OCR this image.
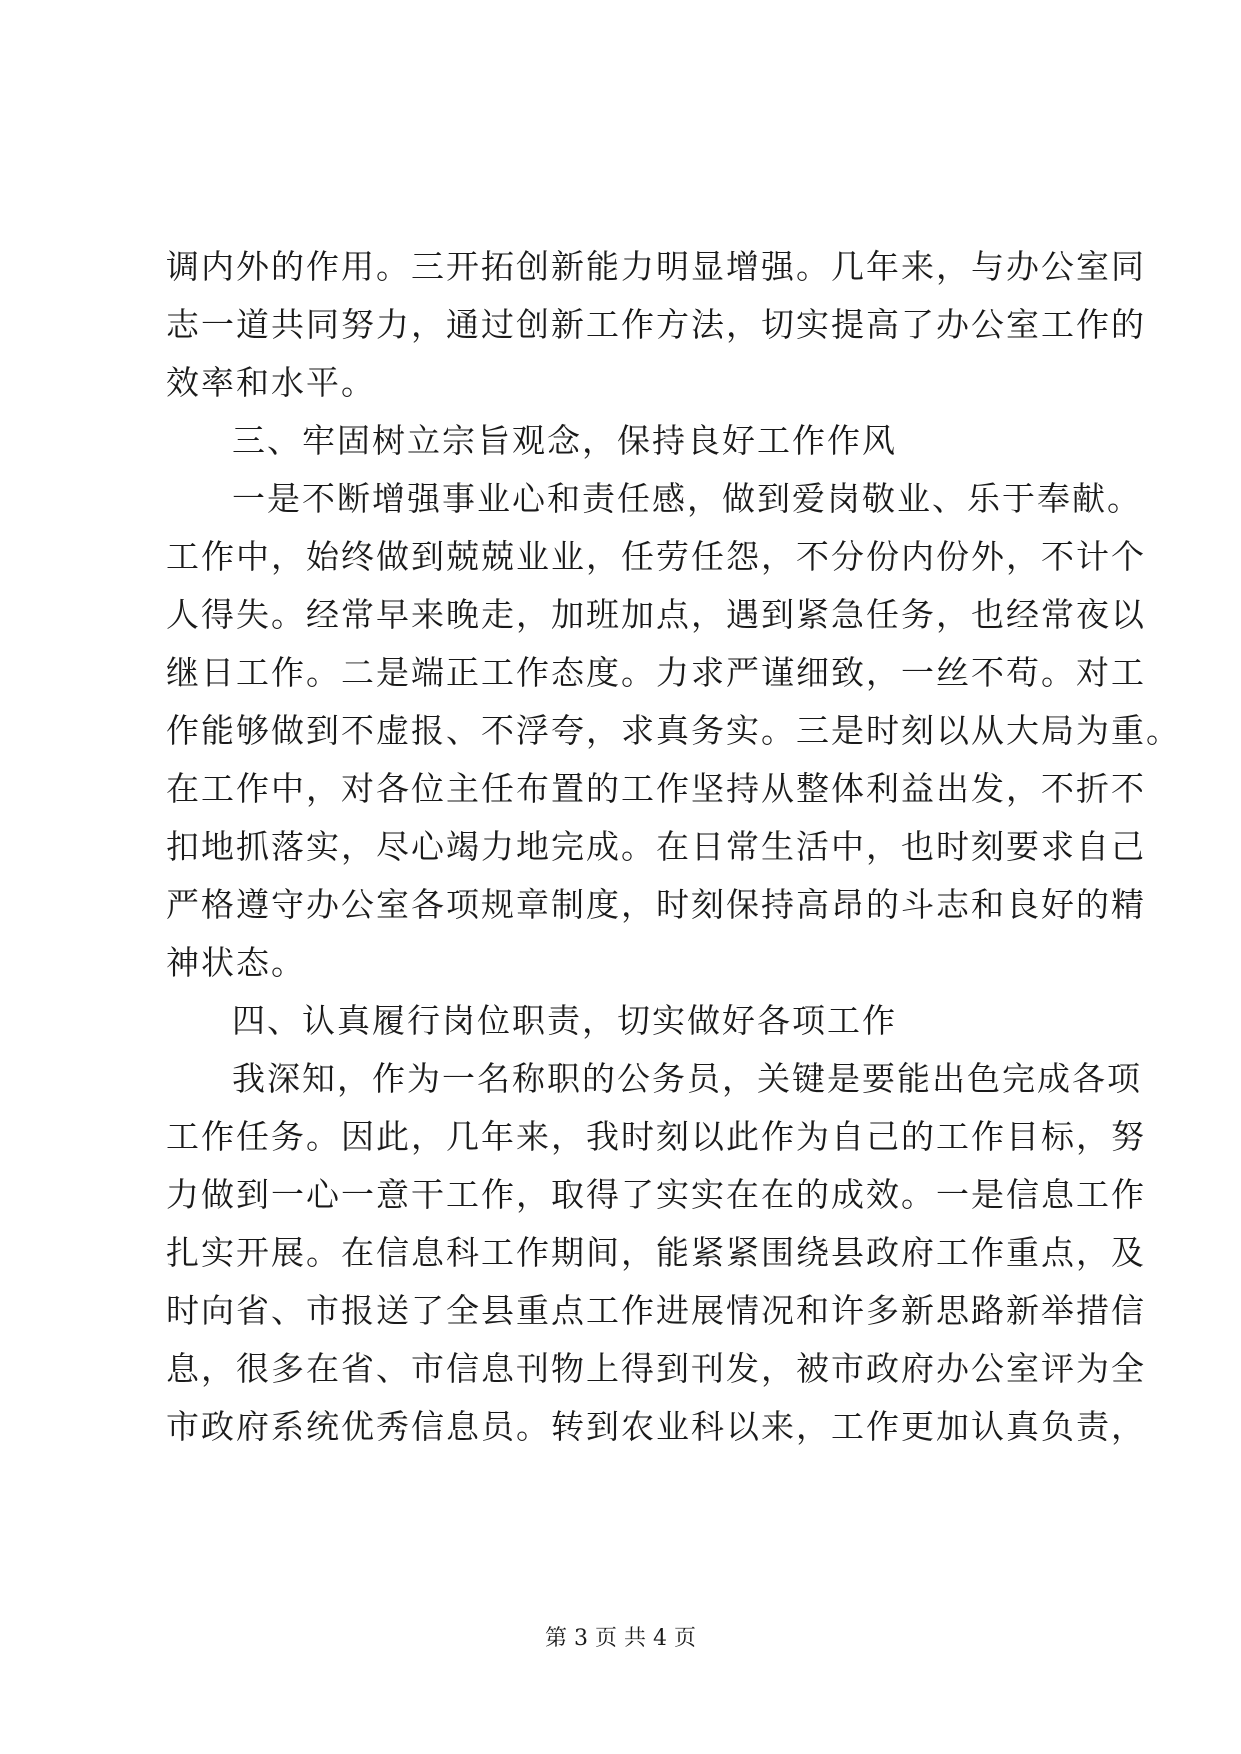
调内外的作用。三开拓创新能力明显增强。几年来，与办公室同
志一道共同努力，通过创新工作方法，切实提高了办公室工作的
效率和水平。
三、牢固树立宗旨观念，保持良好工作作风
一是不断增强事业心和责任感，做到爱岗敬业、乐于奉献。
工作中，始终做到兢兢业业，任劳任怨，不分份内份外，不计个
人得失。经常早来晚走，加班加点，遇到紧急任务，也经常夜以
继日工作。二是端正工作态度。力求严谨细致，一丝不苟。对工
作能够做到不虚报、不浮夸，求真务实。三是时刻以从大局为重。
在工作中，对各位主任布置的工作坚持从整体利益出发，不折不
扣地抓落实，尽心竭力地完成。在日常生活中，也时刻要求自己
严格遵守办公室各项规章制度，时刻保持高昂的斗志和良好的精
神状态。
四、认真履行岗位职责，切实做好各项工作
我深知，作为一名称职的公务员，关键是要能出色完成各项
工作任务。因此，几年来，我时刻以此作为自己的工作目标，努
力做到一心一意干工作，取得了实实在在的成效。一是信息工作
扎实开展。在信息科工作期间，能紧紧围绕县政府工作重点，及
时向省、市报送了全县重点工作进展情况和许多新思路新举措信
息，很多在省、市信息刊物上得到刊发，被市政府办公室评为全
市政府系统优秀信息员。转到农业科以来，工作更加认真负责，
第 3 页 共 4 页
